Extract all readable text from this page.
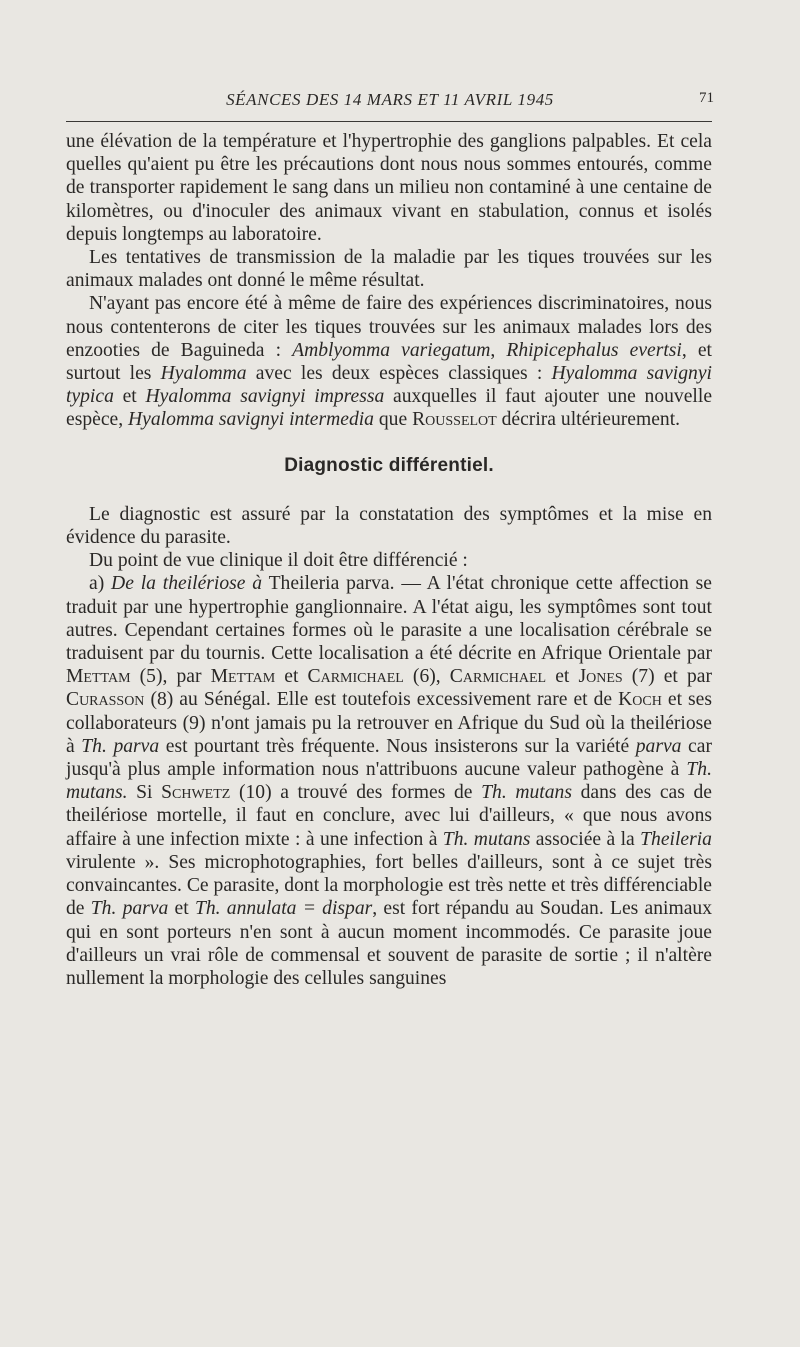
SÉANCES DES 14 MARS ET 11 AVRIL 1945	71

une élévation de la température et l'hypertrophie des ganglions palpables. Et cela quelles qu'aient pu être les précautions dont nous nous sommes entourés, comme de transporter rapidement le sang dans un milieu non contaminé à une centaine de kilomètres, ou d'inoculer des animaux vivant en stabulation, connus et isolés depuis longtemps au laboratoire.

Les tentatives de transmission de la maladie par les tiques trouvées sur les animaux malades ont donné le même résultat.

N'ayant pas encore été à même de faire des expériences discriminatoires, nous nous contenterons de citer les tiques trouvées sur les animaux malades lors des enzooties de Baguineda : Amblyomma variegatum, Rhipicephalus evertsi, et surtout les Hyalomma avec les deux espèces classiques : Hyalomma savignyi typica et Hyalomma savignyi impressa auxquelles il faut ajouter une nouvelle espèce, Hyalomma savignyi intermedia que Rousselot décrira ultérieurement.

Diagnostic différentiel.

Le diagnostic est assuré par la constatation des symptômes et la mise en évidence du parasite.

Du point de vue clinique il doit être différencié :

a) De la theilériose à Theileria parva. — A l'état chronique cette affection se traduit par une hypertrophie ganglionnaire. A l'état aigu, les symptômes sont tout autres. Cependant certaines formes où le parasite a une localisation cérébrale se traduisent par du tournis. Cette localisation a été décrite en Afrique Orientale par Mettam (5), par Mettam et Carmichael (6), Carmichael et Jones (7) et par Curasson (8) au Sénégal. Elle est toutefois excessivement rare et de Koch et ses collaborateurs (9) n'ont jamais pu la retrouver en Afrique du Sud où la theilériose à Th. parva est pourtant très fréquente. Nous insisterons sur la variété parva car jusqu'à plus ample information nous n'attribuons aucune valeur pathogène à Th. mutans. Si Schwetz (10) a trouvé des formes de Th. mutans dans des cas de theilériose mortelle, il faut en conclure, avec lui d'ailleurs, « que nous avons affaire à une infection mixte : à une infection à Th. mutans associée à la Theileria virulente ». Ses microphotographies, fort belles d'ailleurs, sont à ce sujet très convaincantes. Ce parasite, dont la morphologie est très nette et très différenciable de Th. parva et Th. annulata = dispar, est fort répandu au Soudan. Les animaux qui en sont porteurs n'en sont à aucun moment incommodés. Ce parasite joue d'ailleurs un vrai rôle de commensal et souvent de parasite de sortie ; il n'altère nullement la morphologie des cellules sanguines
